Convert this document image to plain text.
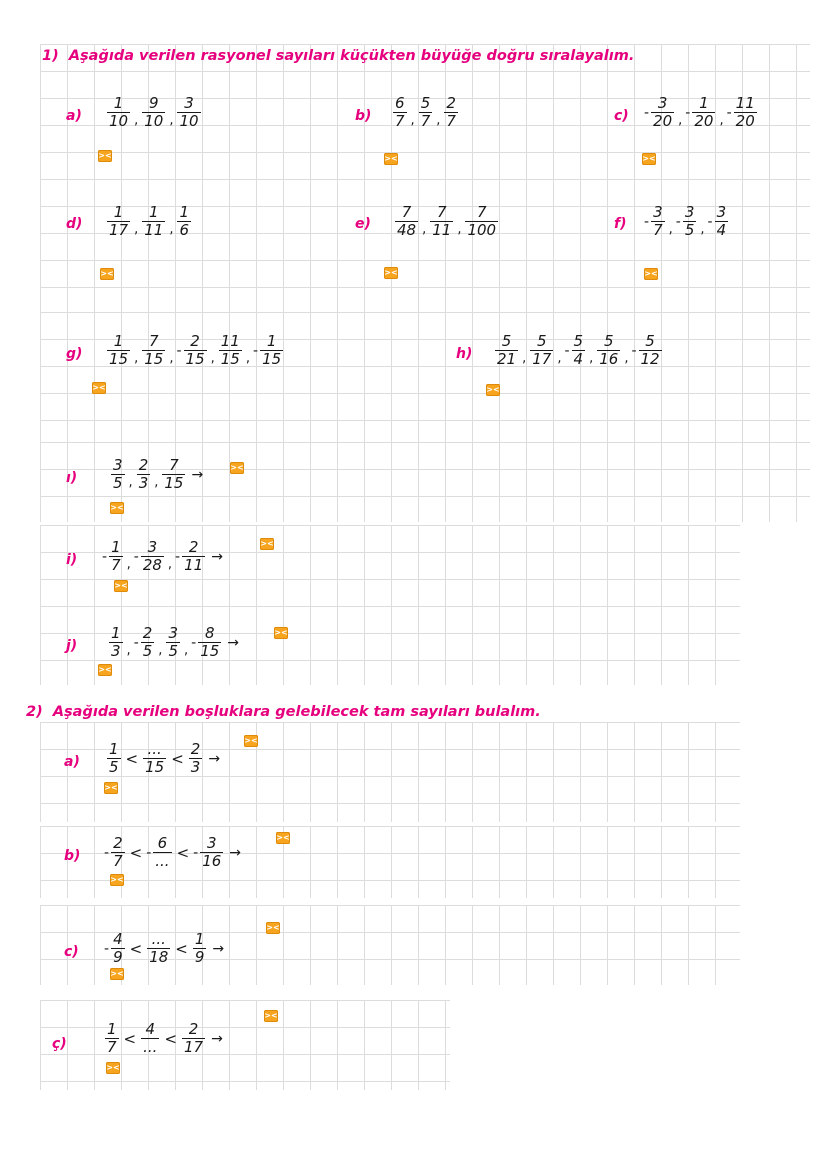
1) Aşağıda verilen rasyonel sayıları küçükten büyüğe doğru sıralayalım.
$a) \frac{1}{10}$ , $\frac{9}{10}$ , $\frac{3}{10}$
><
$b) \frac{6}{7}$ , $\frac{5}{7}$ , $\frac{2}{7}$
><
$c) - \frac{3}{20}$ , - $\frac{1}{20}$ , - $\frac{11}{20}$
><
$d) \frac{1}{17}$ , $\frac{1}{11}$ , $\frac{1}{6}$
><
$e) \frac{7}{48}$ , $\frac{7}{11}$ , $\frac{7}{100}$
><
$f) - \frac{3}{7}$ , - $\frac{3}{5}$ , - $\frac{3}{4}$
><
$g) \frac{1}{15}$ , $\frac{7}{15}$ , - $\frac{2}{15}$ , $\frac{11}{15}$ , - $\frac{1}{15}$
><
$h) \frac{5}{21}$ , $\frac{5}{17}$ , - $\frac{5}{4}$ , $\frac{5}{16}$ , - $\frac{5}{12}$
><
ı) $\frac{3}{5}$ , $\frac{2}{3}$ , $\frac{7}{15}$ →	><
><
$i) - \frac{1}{7}$ , - $\frac{3}{28}$ , - $\frac{2}{11}$ →
><
><
$j) \frac{1}{3}$ , - $\frac{2}{5}$ , $\frac{3}{5}$ , - $\frac{8}{15}$ →
><
><
2) Aşağıda verilen boşluklara gelebilecek tam sayıları bulalım.
$a) \frac{1}{5} < \frac{...}{15} < \frac{2}{3}$ →
><
><
$b) - \frac{2}{7}$ < - $\frac{6}{...}$ < - $\frac{3}{16}$ →
><
><
$c) - \frac{4}{9} < \frac{...}{18} < \frac{1}{9}$ →
><
><
ç)	$\frac{1}{7} < \frac{4}{...} < \frac{2}{17}$ →
><
><
